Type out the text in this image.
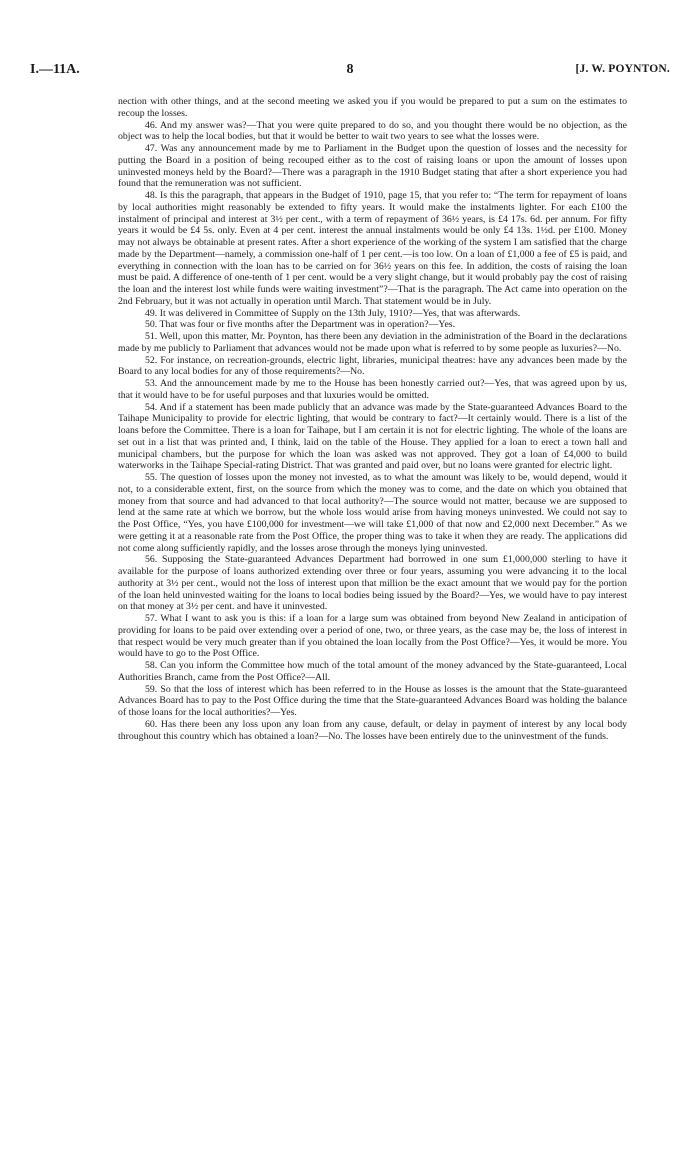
I.—11A.	8	[J. W. POYNTON.

nection with other things, and at the second meeting we asked you if you would be prepared to put a sum on the estimates to recoup the losses.

46. And my answer was?—That you were quite prepared to do so, and you thought there would be no objection, as the object was to help the local bodies, but that it would be better to wait two years to see what the losses were.

47. Was any announcement made by me to Parliament in the Budget upon the question of losses and the necessity for putting the Board in a position of being recouped either as to the cost of raising loans or upon the amount of losses upon uninvested moneys held by the Board?—There was a paragraph in the 1910 Budget stating that after a short experience you had found that the remuneration was not sufficient.

48. Is this the paragraph, that appears in the Budget of 1910, page 15, that you refer to: “The term for repayment of loans by local authorities might reasonably be extended to fifty years. It would make the instalments lighter. For each £100 the instalment of principal and interest at 3½ per cent., with a term of repayment of 36½ years, is £4 17s. 6d. per annum. For fifty years it would be £4 5s. only. Even at 4 per cent. interest the annual instalments would be only £4 13s. 1½d. per £100. Money may not always be obtainable at present rates. After a short experience of the working of the system I am satisfied that the charge made by the Department—namely, a commission one-half of 1 per cent.—is too low. On a loan of £1,000 a fee of £5 is paid, and everything in connection with the loan has to be carried on for 36½ years on this fee. In addition, the costs of raising the loan must be paid. A difference of one-tenth of 1 per cent. would be a very slight change, but it would probably pay the cost of raising the loan and the interest lost while funds were waiting investment”?—That is the paragraph. The Act came into operation on the 2nd February, but it was not actually in operation until March. That statement would be in July.

49. It was delivered in Committee of Supply on the 13th July, 1910?—Yes, that was afterwards.

50. That was four or five months after the Department was in operation?—Yes.

51. Well, upon this matter, Mr. Poynton, has there been any deviation in the administration of the Board in the declarations made by me publicly to Parliament that advances would not be made upon what is referred to by some people as luxuries?—No.

52. For instance, on recreation-grounds, electric light, libraries, municipal theatres: have any advances been made by the Board to any local bodies for any of those requirements?—No.

53. And the announcement made by me to the House has been honestly carried out?—Yes, that was agreed upon by us, that it would have to be for useful purposes and that luxuries would be omitted.

54. And if a statement has been made publicly that an advance was made by the State-guaranteed Advances Board to the Taihape Municipality to provide for electric lighting, that would be contrary to fact?—It certainly would. There is a list of the loans before the Committee. There is a loan for Taihape, but I am certain it is not for electric lighting. The whole of the loans are set out in a list that was printed and, I think, laid on the table of the House. They applied for a loan to erect a town hall and municipal chambers, but the purpose for which the loan was asked was not approved. They got a loan of £4,000 to build waterworks in the Taihape Special-rating District. That was granted and paid over, but no loans were granted for electric light.

55. The question of losses upon the money not invested, as to what the amount was likely to be, would depend, would it not, to a considerable extent, first, on the source from which the money was to come, and the date on which you obtained that money from that source and had advanced to that local authority?—The source would not matter, because we are supposed to lend at the same rate at which we borrow, but the whole loss would arise from having moneys uninvested. We could not say to the Post Office, “Yes, you have £100,000 for investment—we will take £1,000 of that now and £2,000 next December.” As we were getting it at a reasonable rate from the Post Office, the proper thing was to take it when they are ready. The applications did not come along sufficiently rapidly, and the losses arose through the moneys lying uninvested.

56. Supposing the State-guaranteed Advances Department had borrowed in one sum £1,000,000 sterling to have it available for the purpose of loans authorized extending over three or four years, assuming you were advancing it to the local authority at 3½ per cent., would not the loss of interest upon that million be the exact amount that we would pay for the portion of the loan held uninvested waiting for the loans to local bodies being issued by the Board?—Yes, we would have to pay interest on that money at 3½ per cent. and have it uninvested.

57. What I want to ask you is this: if a loan for a large sum was obtained from beyond New Zealand in anticipation of providing for loans to be paid over extending over a period of one, two, or three years, as the case may be, the loss of interest in that respect would be very much greater than if you obtained the loan locally from the Post Office?—Yes, it would be more. You would have to go to the Post Office.

58. Can you inform the Committee how much of the total amount of the money advanced by the State-guaranteed, Local Authorities Branch, came from the Post Office?—All.

59. So that the loss of interest which has been referred to in the House as losses is the amount that the State-guaranteed Advances Board has to pay to the Post Office during the time that the State-guaranteed Advances Board was holding the balance of those loans for the local authorities?—Yes.

60. Has there been any loss upon any loan from any cause, default, or delay in payment of interest by any local body throughout this country which has obtained a loan?—No. The losses have been entirely due to the uninvestment of the funds.
